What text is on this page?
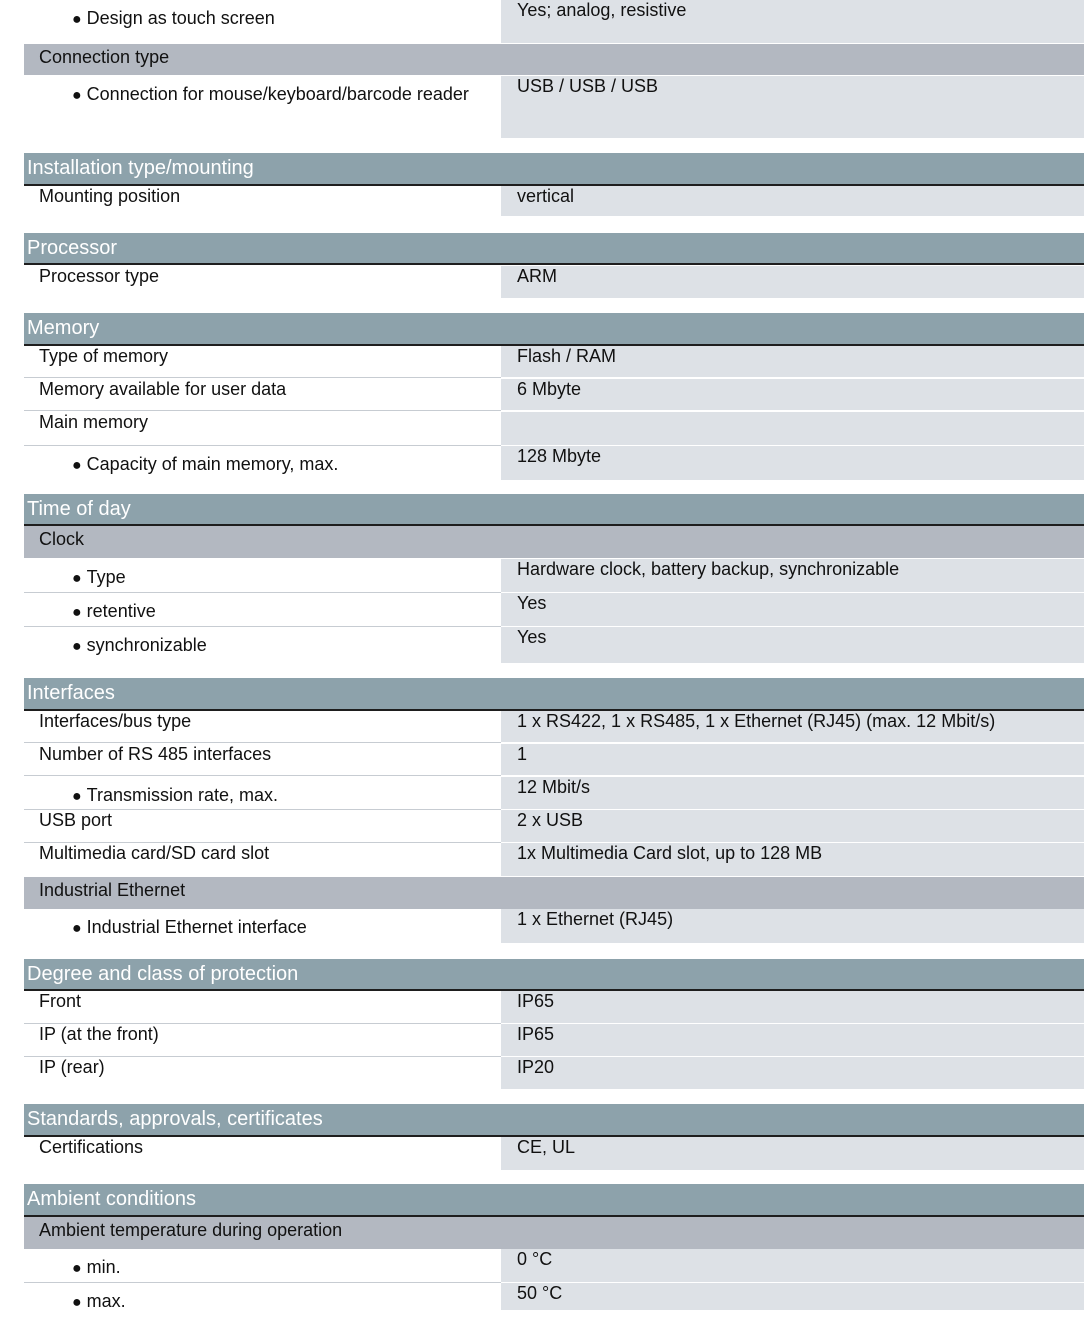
● Design as touch screen	Yes; analog, resistive
Connection type
● Connection for mouse/keyboard/barcode reader	USB / USB / USB
Installation type/mounting
Mounting position	vertical
Processor
Processor type	ARM
Memory
Type of memory	Flash / RAM
Memory available for user data	6 Mbyte
Main memory
● Capacity of main memory, max.	128 Mbyte
Time of day
Clock
● Type	Hardware clock, battery backup, synchronizable
● retentive	Yes
● synchronizable	Yes
Interfaces
Interfaces/bus type	1 x RS422, 1 x RS485, 1 x Ethernet (RJ45) (max. 12 Mbit/s)
Number of RS 485 interfaces	1
● Transmission rate, max.	12 Mbit/s
USB port	2 x USB
Multimedia card/SD card slot	1x Multimedia Card slot, up to 128 MB
Industrial Ethernet
● Industrial Ethernet interface	1 x Ethernet (RJ45)
Degree and class of protection
Front	IP65
IP (at the front)	IP65
IP (rear)	IP20
Standards, approvals, certificates
Certifications	CE, UL
Ambient conditions
Ambient temperature during operation
● min.	0 °C
● max.	50 °C
